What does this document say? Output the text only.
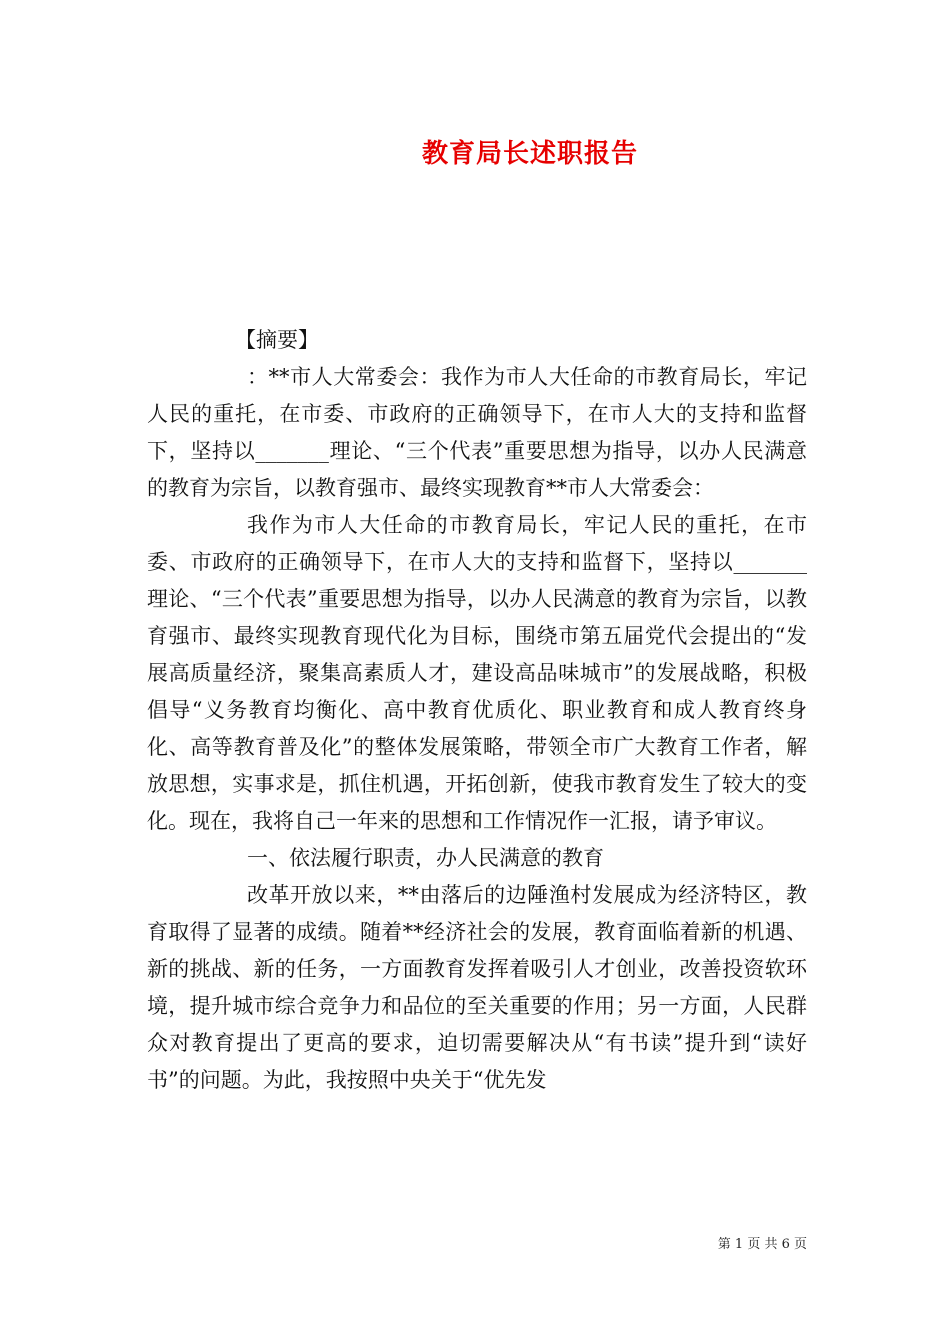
教育局长述职报告

【摘要】

：**市人大常委会：我作为市人大任命的市教育局长，牢记人民的重托，在市委、市政府的正确领导下，在市人大的支持和监督下，坚持以_______理论、“三个代表”重要思想为指导，以办人民满意的教育为宗旨，以教育强市、最终实现教育**市人大常委会：

我作为市人大任命的市教育局长，牢记人民的重托，在市委、市政府的正确领导下，在市人大的支持和监督下，坚持以_______理论、“三个代表”重要思想为指导，以办人民满意的教育为宗旨，以教育强市、最终实现教育现代化为目标，围绕市第五届党代会提出的“发展高质量经济，聚集高素质人才，建设高品味城市”的发展战略，积极倡导“义务教育均衡化、高中教育优质化、职业教育和成人教育终身化、高等教育普及化”的整体发展策略，带领全市广大教育工作者，解放思想，实事求是，抓住机遇，开拓创新，使我市教育发生了较大的变化。现在，我将自己一年来的思想和工作情况作一汇报，请予审议。

一、依法履行职责，办人民满意的教育

改革开放以来，**由落后的边陲渔村发展成为经济特区，教育取得了显著的成绩。随着**经济社会的发展，教育面临着新的机遇、新的挑战、新的任务，一方面教育发挥着吸引人才创业，改善投资软环境，提升城市综合竞争力和品位的至关重要的作用；另一方面，人民群众对教育提出了更高的要求，迫切需要解决从“有书读”提升到“读好书”的问题。为此，我按照中央关于“优先发

第 1 页 共 6 页
